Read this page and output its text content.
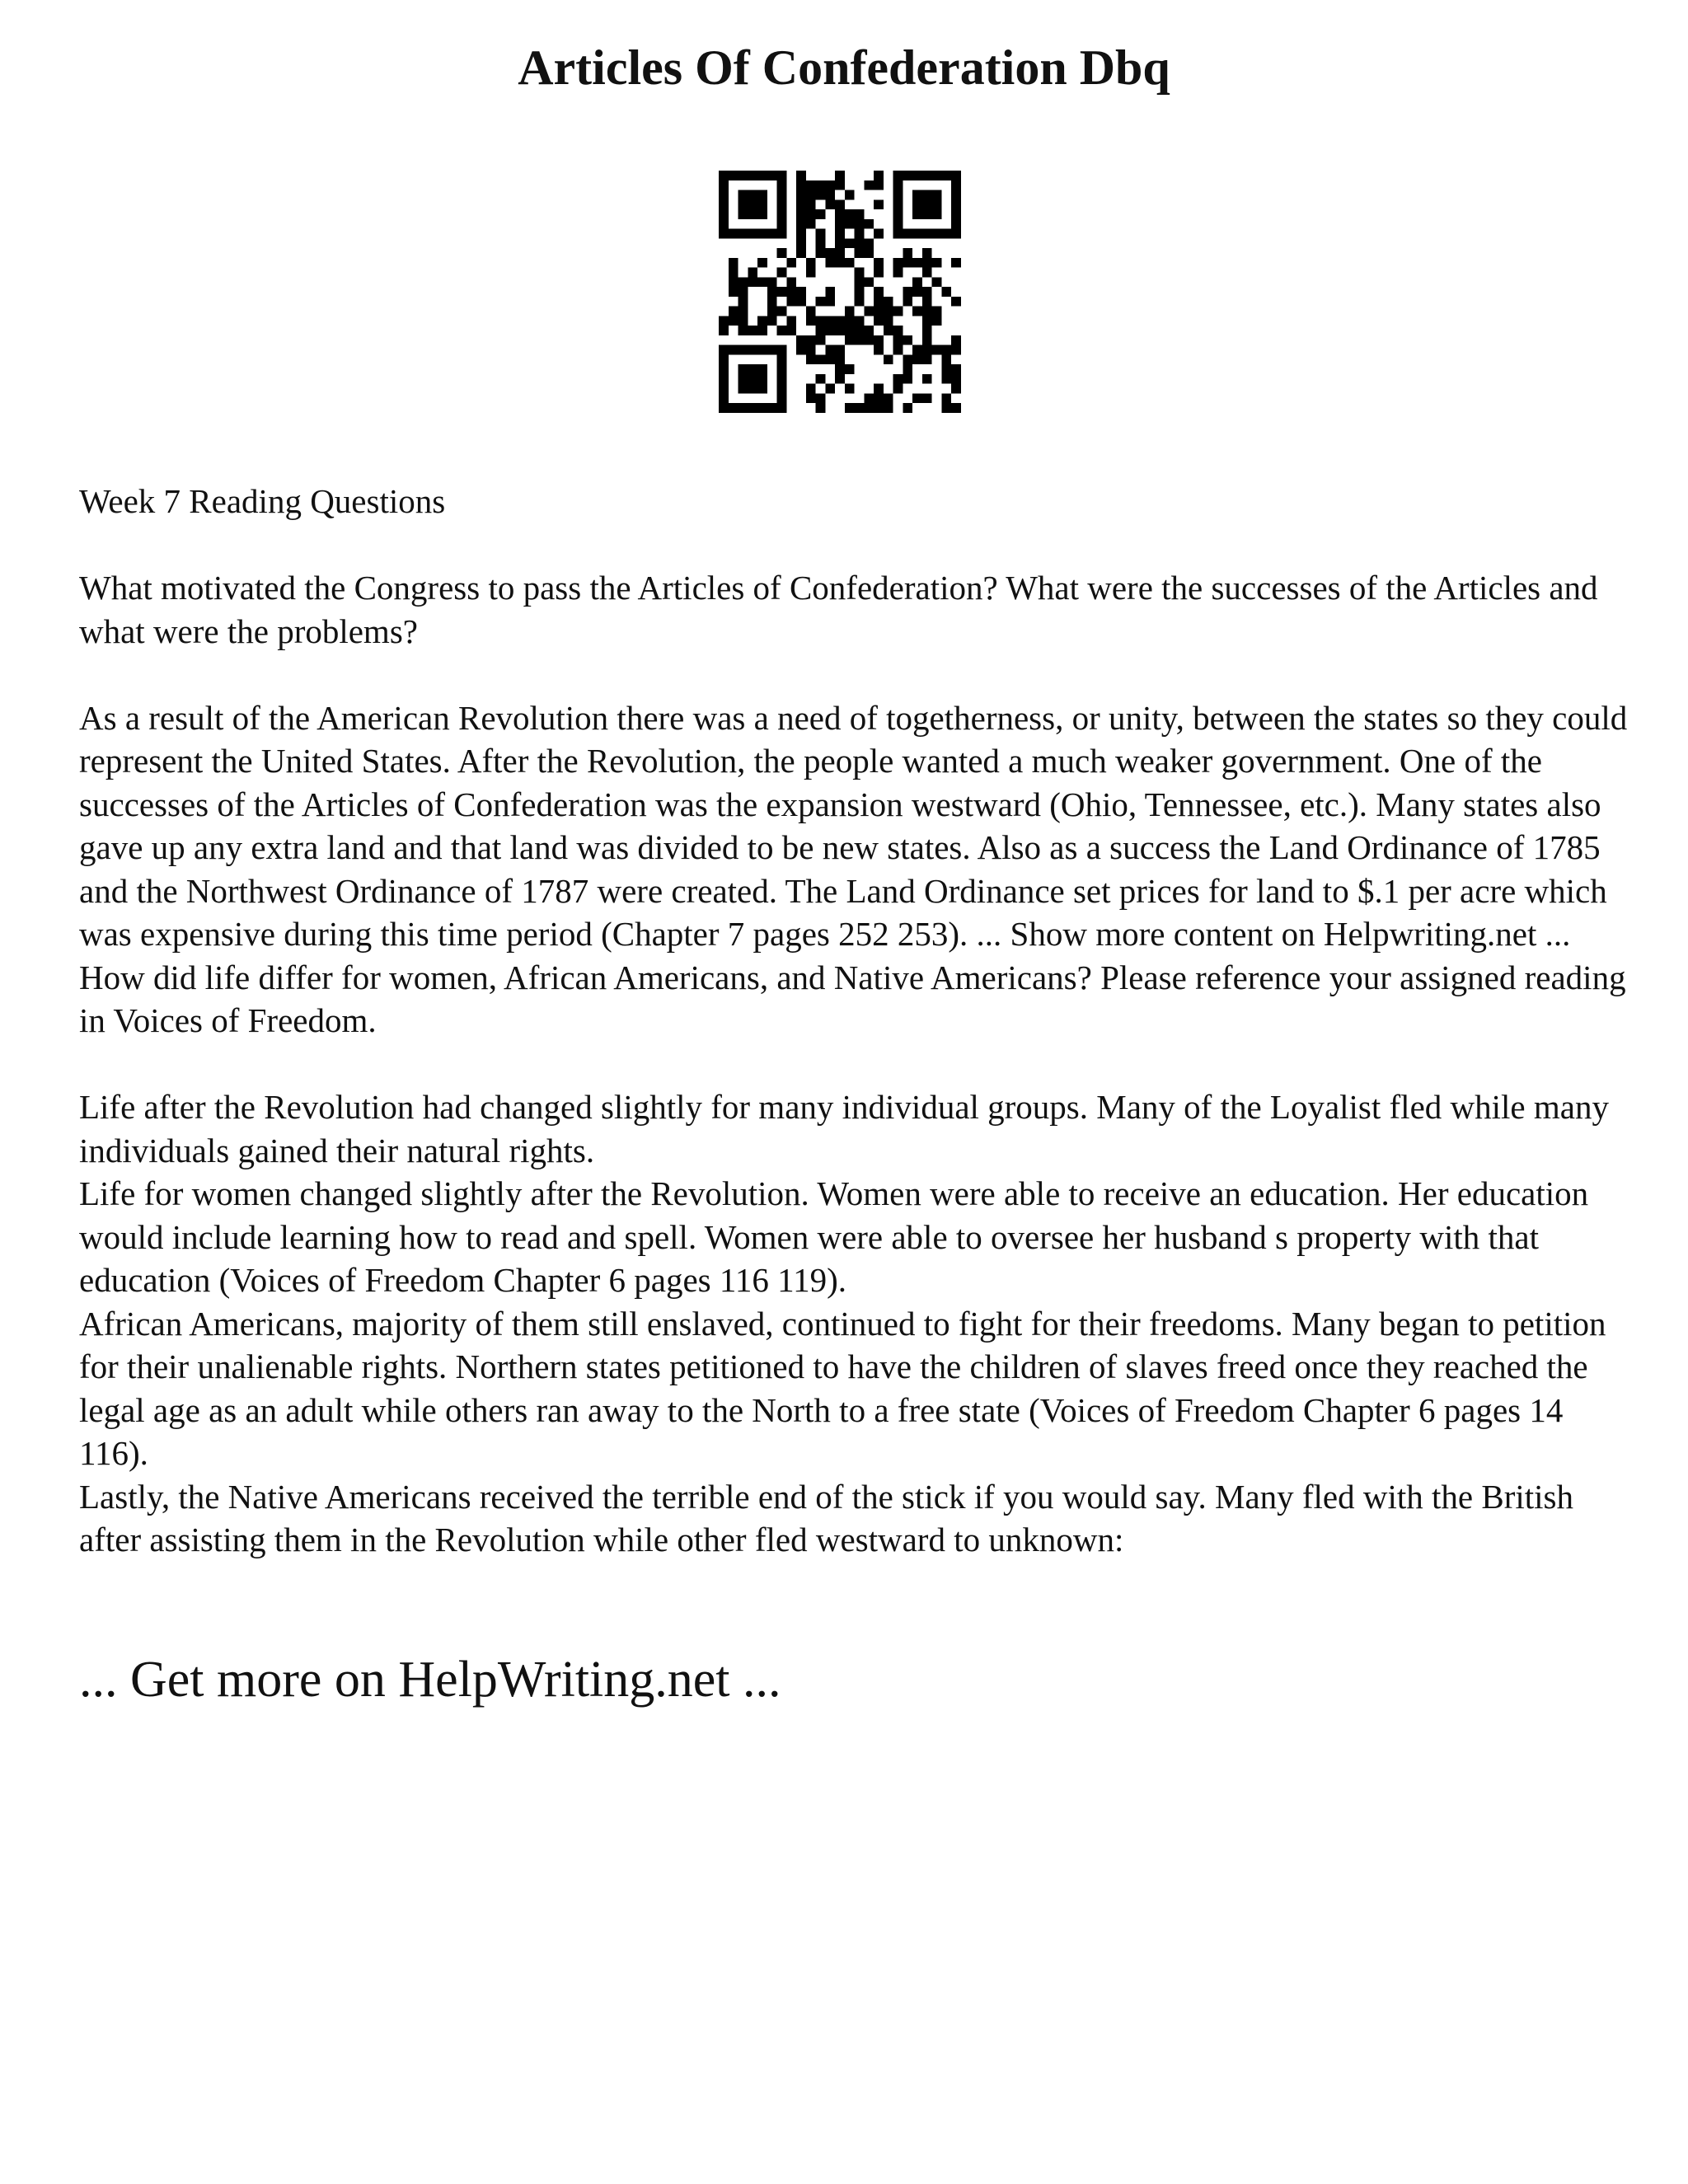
Articles Of Confederation Dbq

Week 7 Reading Questions

What motivated the Congress to pass the Articles of Confederation? What were the successes of the Articles and what were the problems?

As a result of the American Revolution there was a need of togetherness, or unity, between the states so they could represent the United States. After the Revolution, the people wanted a much weaker government. One of the successes of the Articles of Confederation was the expansion westward (Ohio, Tennessee, etc.). Many states also gave up any extra land and that land was divided to be new states. Also as a success the Land Ordinance of 1785 and the Northwest Ordinance of 1787 were created. The Land Ordinance set prices for land to $.1 per acre which was expensive during this time period (Chapter 7 pages 252 253). ... Show more content on Helpwriting.net ...

How did life differ for women, African Americans, and Native Americans? Please reference your assigned reading in Voices of Freedom.

Life after the Revolution had changed slightly for many individual groups. Many of the Loyalist fled while many individuals gained their natural rights.

Life for women changed slightly after the Revolution. Women were able to receive an education. Her education would include learning how to read and spell. Women were able to oversee her husband s property with that education (Voices of Freedom Chapter 6 pages 116 119).

African Americans, majority of them still enslaved, continued to fight for their freedoms. Many began to petition for their unalienable rights. Northern states petitioned to have the children of slaves freed once they reached the legal age as an adult while others ran away to the North to a free state (Voices of Freedom Chapter 6 pages 14 116).

Lastly, the Native Americans received the terrible end of the stick if you would say. Many fled with the British after assisting them in the Revolution while other fled westward to unknown:

... Get more on HelpWriting.net ...
